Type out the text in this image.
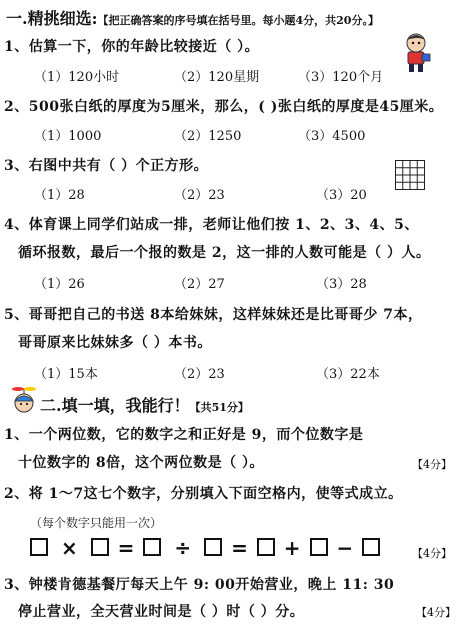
一.精挑细选:【把正确答案的序号填在括号里。每小题4分，共20分。】
1、估算一下，你的年龄比较接近（ ）。
（1）120小时	（2）120星期	（3）120个月
2、500张白纸的厚度为5厘米，那么，( )张白纸的厚度是45厘米。
（1）1000	（2）1250	（3）4500
3、右图中共有（ ）个正方形。
（1）28	（2）23	（3）20
4、体育课上同学们站成一排，老师让他们按 1、2、3、4、5、
循环报数，最后一个报的数是 2，这一排的人数可能是（ ）人。
（1）26	（2）27	（3）28
5、哥哥把自己的书送 8本给妹妹，这样妹妹还是比哥哥少 7本，
哥哥原来比妹妹多（ ）本书。
（1）15本	（2）23	（3）22本
二.填一填，我能行！【共51分】
1、一个两位数，它的数字之和正好是 9，而个位数字是
十位数字的 8倍，这个两位数是（ ）。	【4分】
2、将 1～7这七个数字，分别填入下面空格内，使等式成立。
（每个数字只能用一次）
× = ÷ = + −	【4分】
3、钟楼肯德基餐厅每天上午 9: 00开始营业，晚上 11: 30
停止营业，全天营业时间是（ ）时（ ）分。	【4分】
